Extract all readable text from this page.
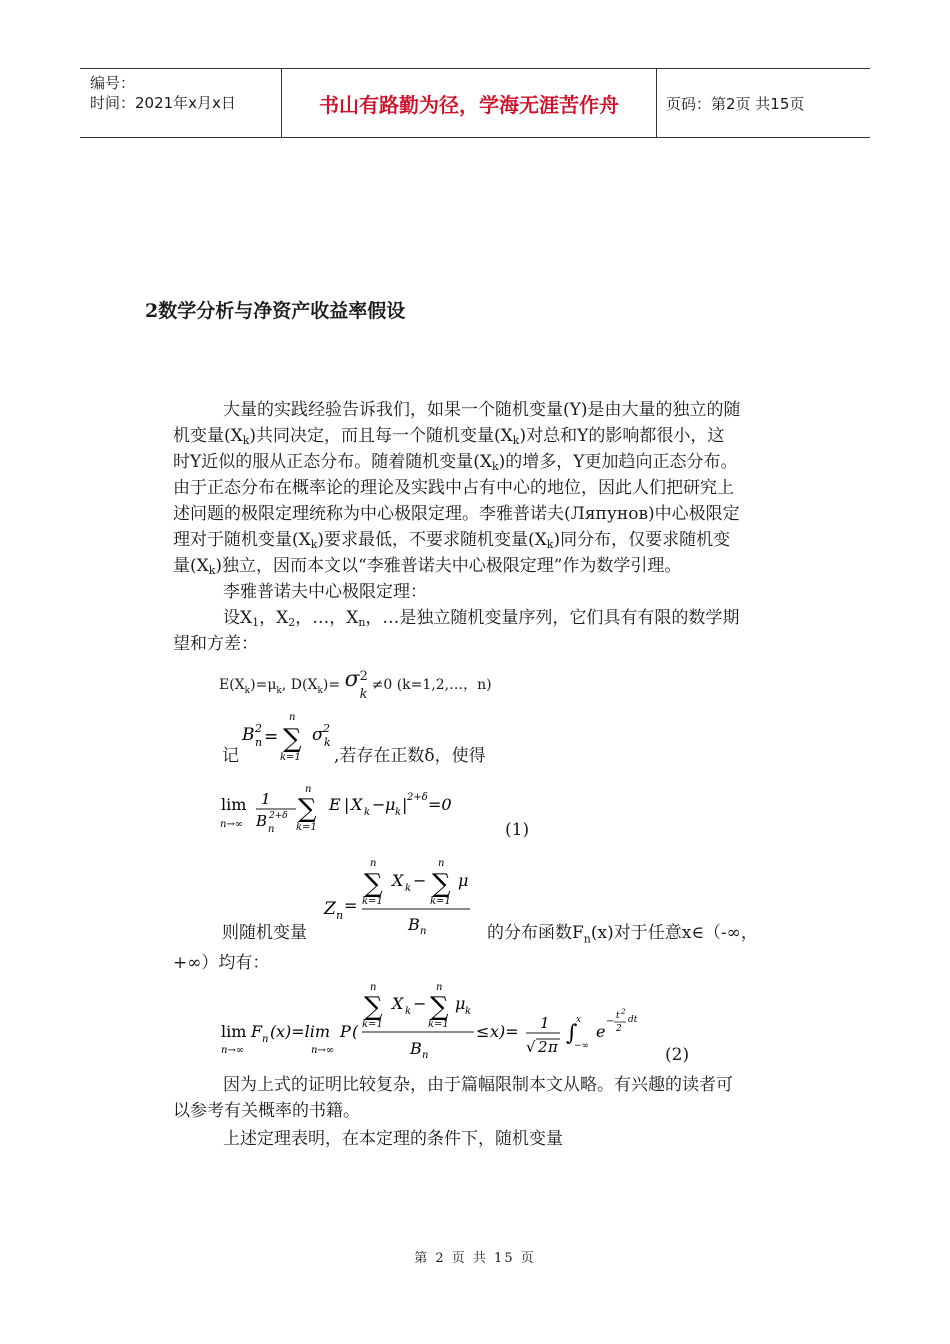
编号：
时间：2021年x月x日	书山有路勤为径，学海无涯苦作舟	页码：第2页 共15页
2数学分析与净资产收益率假设
大量的实践经验告诉我们，如果一个随机变量(Y)是由大量的独立的随
机变量$(X_k)$共同决定，而且每一个随机变量$(X_k)$对总和Y的影响都很小，这
时Y近似的服从正态分布。随着随机变量$(X_k)$的增多，Y更加趋向正态分布。
由于正态分布在概率论的理论及实践中占有中心的地位，因此人们把研究上
述问题的极限定理统称为中心极限定理。李雅普诺夫(Ляпунов)中心极限定
理对于随机变量$(X_k)$要求最低，不要求随机变量$(X_k)$同分布，仅要求随机变
量$(X_k)$独立，因而本文以“李雅普诺夫中心极限定理”作为数学引理。
李雅普诺夫中心极限定理：
设$X_1$，$X_2$，…，$X_n$，…是独立随机变量序列，它们具有有限的数学期
望和方差：
$E(X_k)=\mu_k$, $D(X_k)= \sigma$ 2
k
≠0 (k=1,2,…，n)
B 2
n = ∑
n
k=1
σ 2
k
记	,若存在正数δ，使得
lim
n→∞
1
B 2+δ
n
∑
n
k=1
E | X k − μ k | 2+δ =0
(1)
Z n
=
∑
n
k=1
X k − ∑
n
k=1
μ
B n
则随机变量	的分布函数$F_n(x)$对于任意x∈（-∞，
+∞）均有：
lim
n→∞
F n ( x )=lim
n→∞
P (
∑
n
k=1
X k − ∑
n
k=1
μ k
B n
≤ x )= 1
√ 2 π
∫
x
−∞
e
− t 2
2
dt
(2)
因为上式的证明比较复杂，由于篇幅限制本文从略。有兴趣的读者可
以参考有关概率的书籍。
上述定理表明，在本定理的条件下，随机变量
第 2 页 共 15 页
